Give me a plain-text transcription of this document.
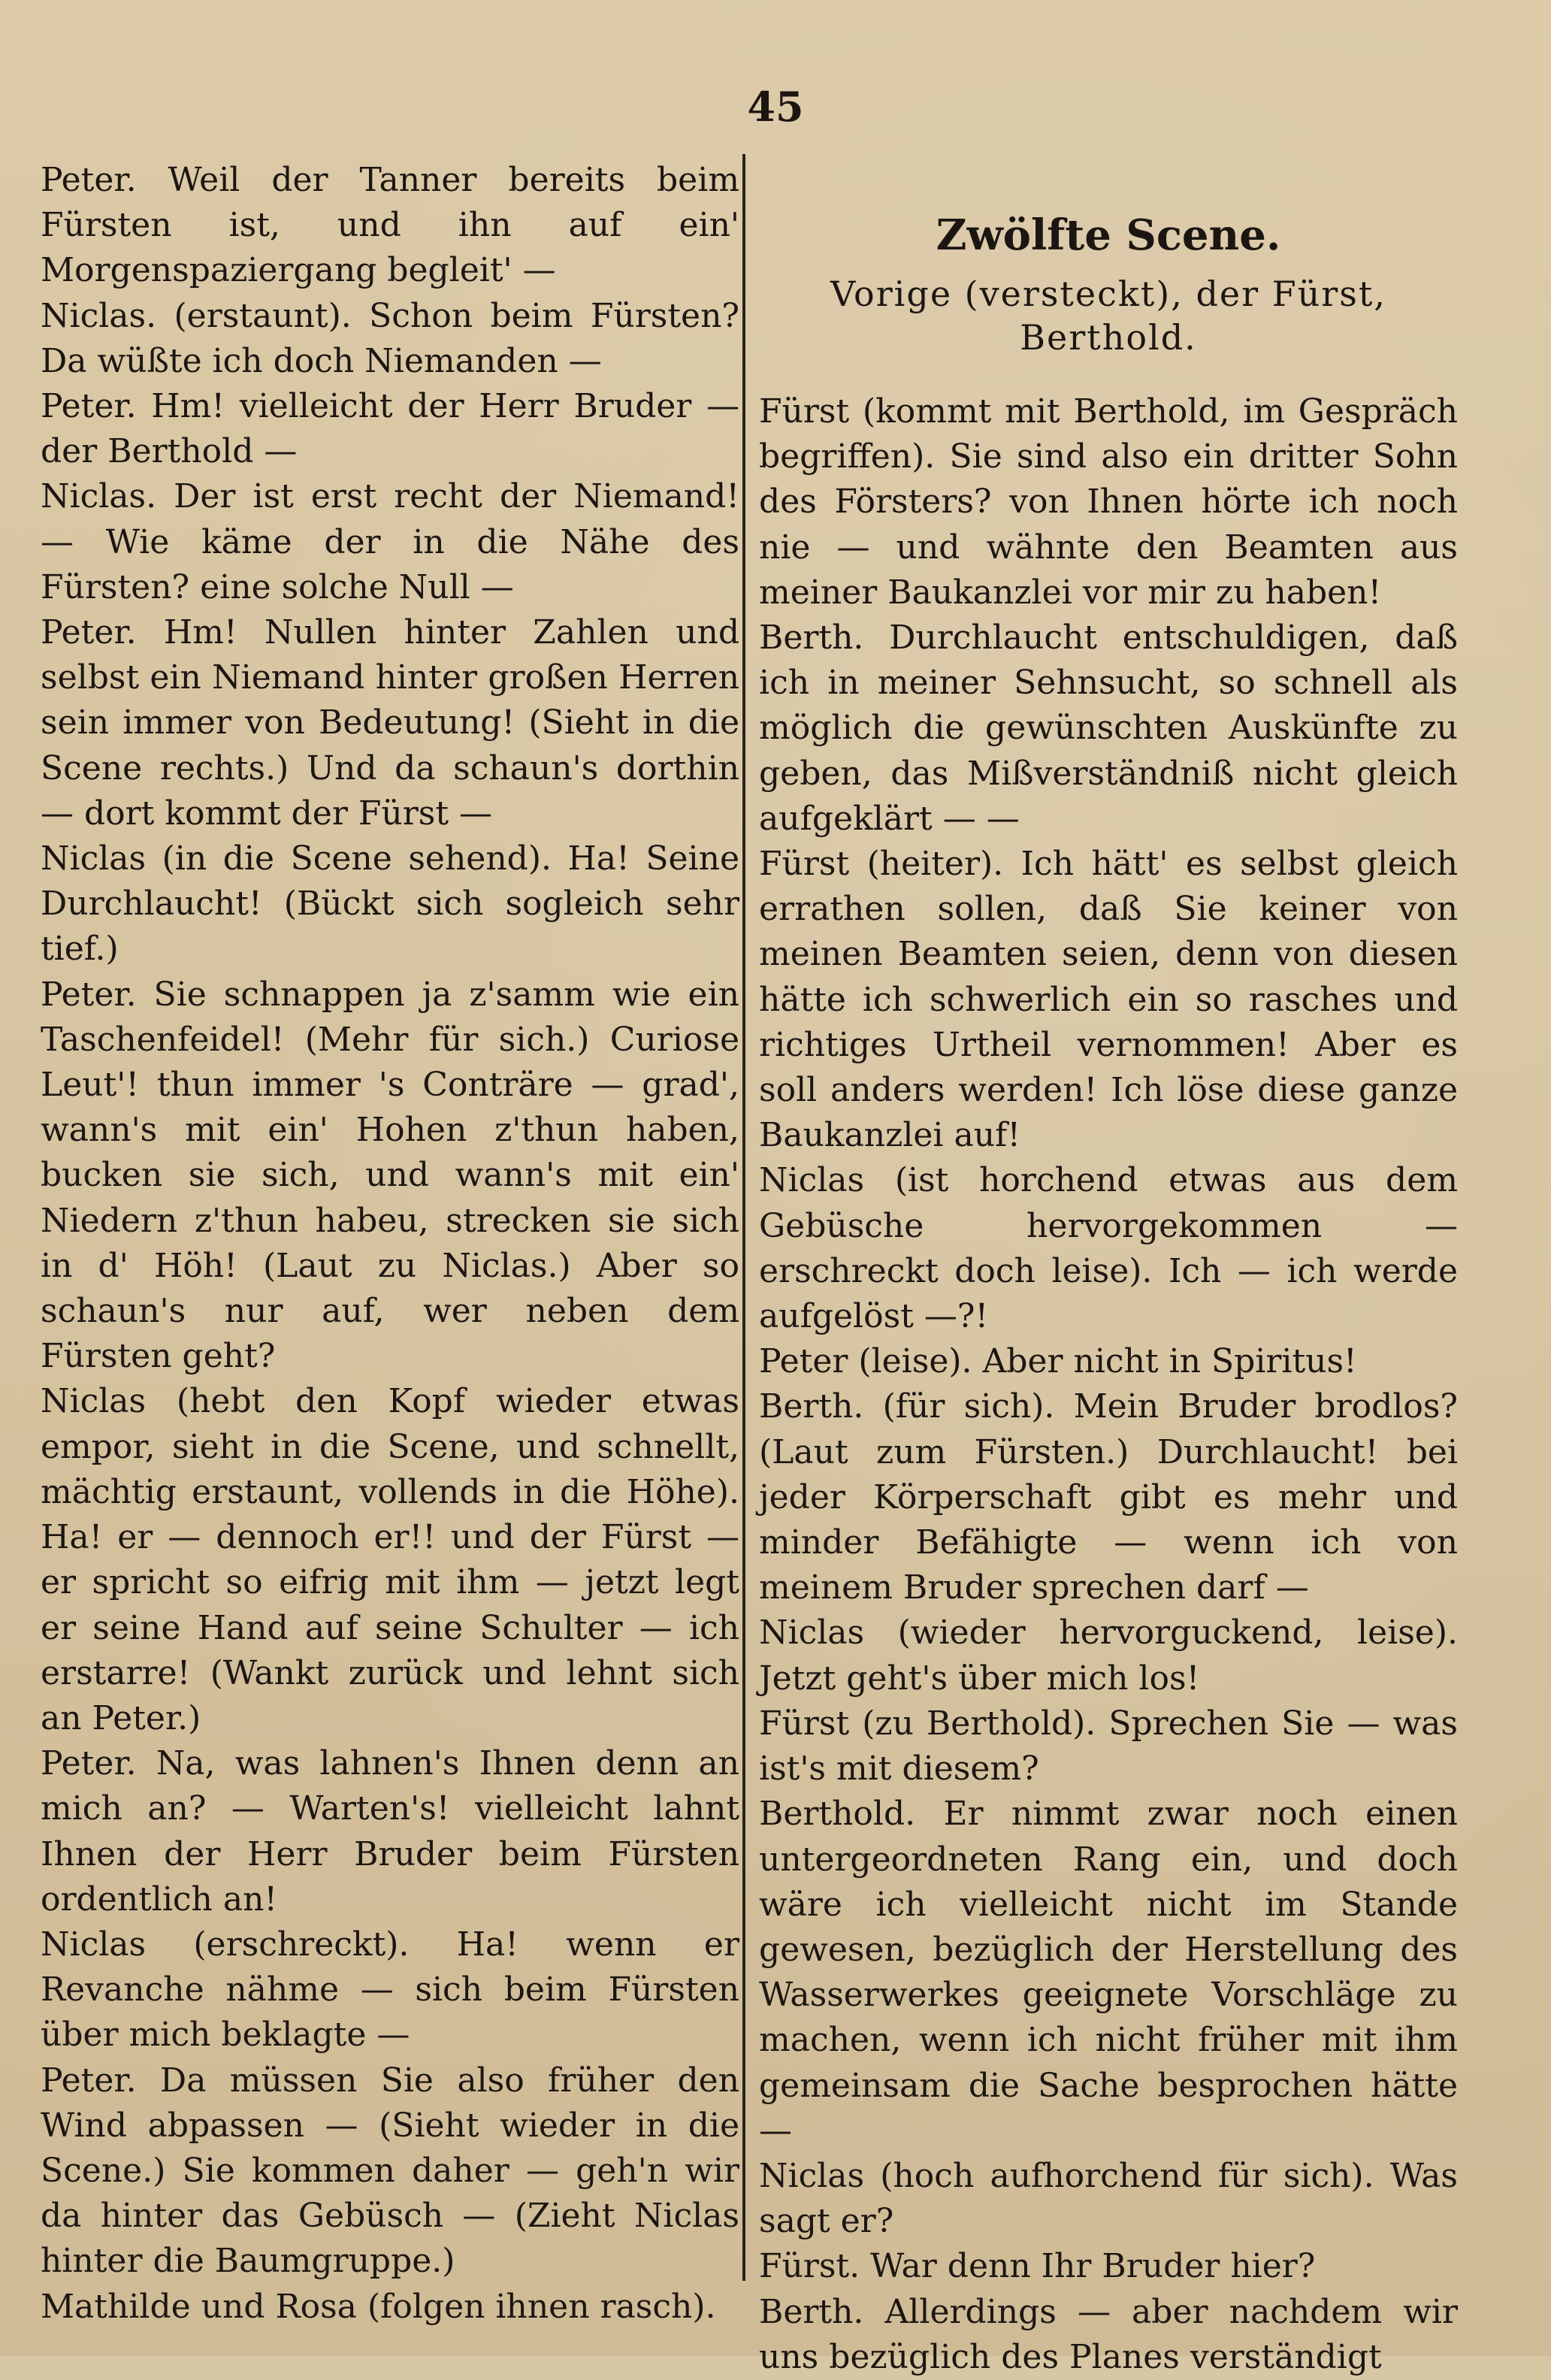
45
Peter. Weil der Tanner bereits beim Fürsten ist, und ihn auf ein' Morgenspaziergang begleit' —
Niclas. (erstaunt). Schon beim Fürsten? Da wüßte ich doch Niemanden —
Peter. Hm! vielleicht der Herr Bruder — der Berthold —
Niclas. Der ist erst recht der Niemand! — Wie käme der in die Nähe des Fürsten? eine solche Null —
Peter. Hm! Nullen hinter Zahlen und selbst ein Niemand hinter großen Herren sein immer von Bedeutung! (Sieht in die Scene rechts.) Und da schaun's dorthin — dort kommt der Fürst —
Niclas (in die Scene sehend). Ha! Seine Durchlaucht! (Bückt sich sogleich sehr tief.)
Peter. Sie schnappen ja z'samm wie ein Taschenfeidel! (Mehr für sich.) Curiose Leut'! thun immer 's Conträre — grad', wann's mit ein' Hohen z'thun haben, bucken sie sich, und wann's mit ein' Niedern z'thun habeu, strecken sie sich in d' Höh! (Laut zu Niclas.) Aber so schaun's nur auf, wer neben dem Fürsten geht?
Niclas (hebt den Kopf wieder etwas empor, sieht in die Scene, und schnellt, mächtig erstaunt, vollends in die Höhe). Ha! er — dennoch er!! und der Fürst — er spricht so eifrig mit ihm — jetzt legt er seine Hand auf seine Schulter — ich erstarre! (Wankt zurück und lehnt sich an Peter.)
Peter. Na, was lahnen's Ihnen denn an mich an? — Warten's! vielleicht lahnt Ihnen der Herr Bruder beim Fürsten ordentlich an!
Niclas (erschreckt). Ha! wenn er Revanche nähme — sich beim Fürsten über mich beklagte —
Peter. Da müssen Sie also früher den Wind abpassen — (Sieht wieder in die Scene.) Sie kommen daher — geh'n wir da hinter das Gebüsch — (Zieht Niclas hinter die Baumgruppe.)
Mathilde und Rosa (folgen ihnen rasch).
Zwölfte Scene.
Vorige (versteckt), der Fürst, Berthold.
Fürst (kommt mit Berthold, im Gespräch begriffen). Sie sind also ein dritter Sohn des Försters? von Ihnen hörte ich noch nie — und wähnte den Beamten aus meiner Baukanzlei vor mir zu haben!
Berth. Durchlaucht entschuldigen, daß ich in meiner Sehnsucht, so schnell als möglich die gewünschten Auskünfte zu geben, das Mißverständniß nicht gleich aufgeklärt — —
Fürst (heiter). Ich hätt' es selbst gleich errathen sollen, daß Sie keiner von meinen Beamten seien, denn von diesen hätte ich schwerlich ein so rasches und richtiges Urtheil vernommen! Aber es soll anders werden! Ich löse diese ganze Baukanzlei auf!
Niclas (ist horchend etwas aus dem Gebüsche hervorgekommen — erschreckt doch leise). Ich — ich werde aufgelöst —?!
Peter (leise). Aber nicht in Spiritus!
Berth. (für sich). Mein Bruder brodlos? (Laut zum Fürsten.) Durchlaucht! bei jeder Körperschaft gibt es mehr und minder Befähigte — wenn ich von meinem Bruder sprechen darf —
Niclas (wieder hervorguckend, leise). Jetzt geht's über mich los!
Fürst (zu Berthold). Sprechen Sie — was ist's mit diesem?
Berthold. Er nimmt zwar noch einen untergeordneten Rang ein, und doch wäre ich vielleicht nicht im Stande gewesen, bezüglich der Herstellung des Wasserwerkes geeignete Vorschläge zu machen, wenn ich nicht früher mit ihm gemeinsam die Sache besprochen hätte —
Niclas (hoch aufhorchend für sich). Was sagt er?
Fürst. War denn Ihr Bruder hier?
Berth. Allerdings — aber nachdem wir uns bezüglich des Planes verständigt
